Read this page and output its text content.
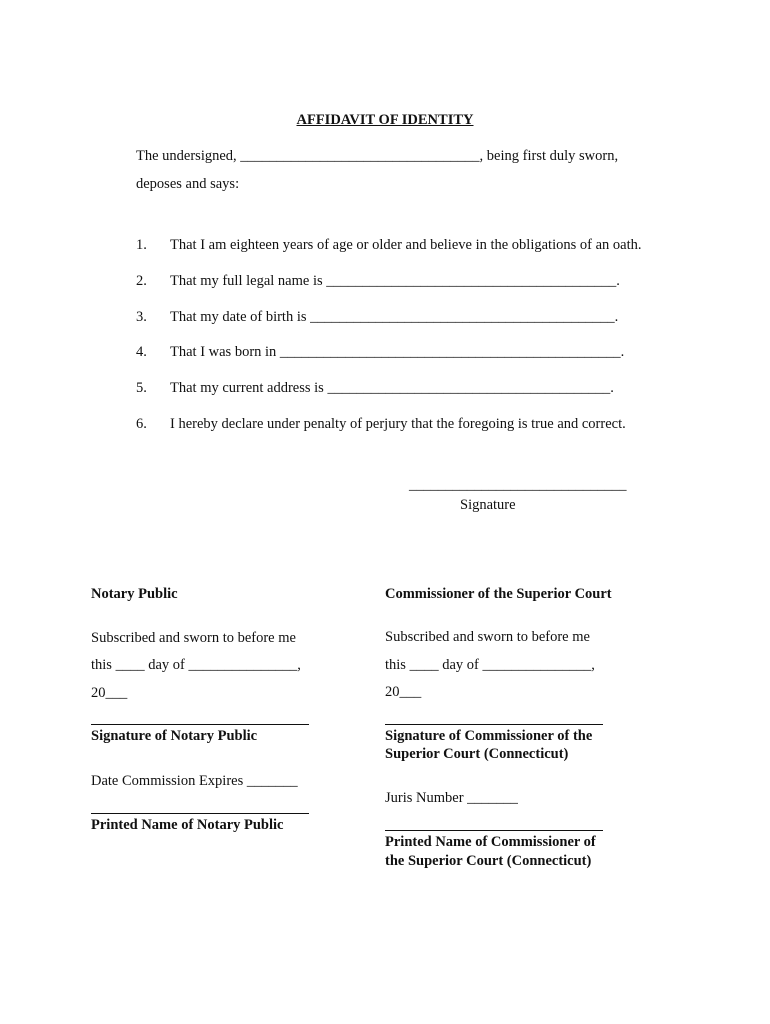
AFFIDAVIT OF IDENTITY
The undersigned, _________________________________, being first duly sworn,
deposes and says:
1. That I am eighteen years of age or older and believe in the obligations of an oath.
2. That my full legal name is ________________________________________.
3. That my date of birth is __________________________________________.
4. That I was born in _______________________________________________.
5. That my current address is _______________________________________.
6. I hereby declare under penalty of perjury that the foregoing is true and correct.
______________________________
Signature
Notary Public
Subscribed and sworn to before me
this ____ day of _______________,
20___
Signature of Notary Public
Date Commission Expires _______
Printed Name of Notary Public
Commissioner of the Superior Court
Subscribed and sworn to before me
this ____ day of _______________,
20___
Signature of Commissioner of the
Superior Court (Connecticut)
Juris Number _______
Printed Name of Commissioner of
the Superior Court (Connecticut)
